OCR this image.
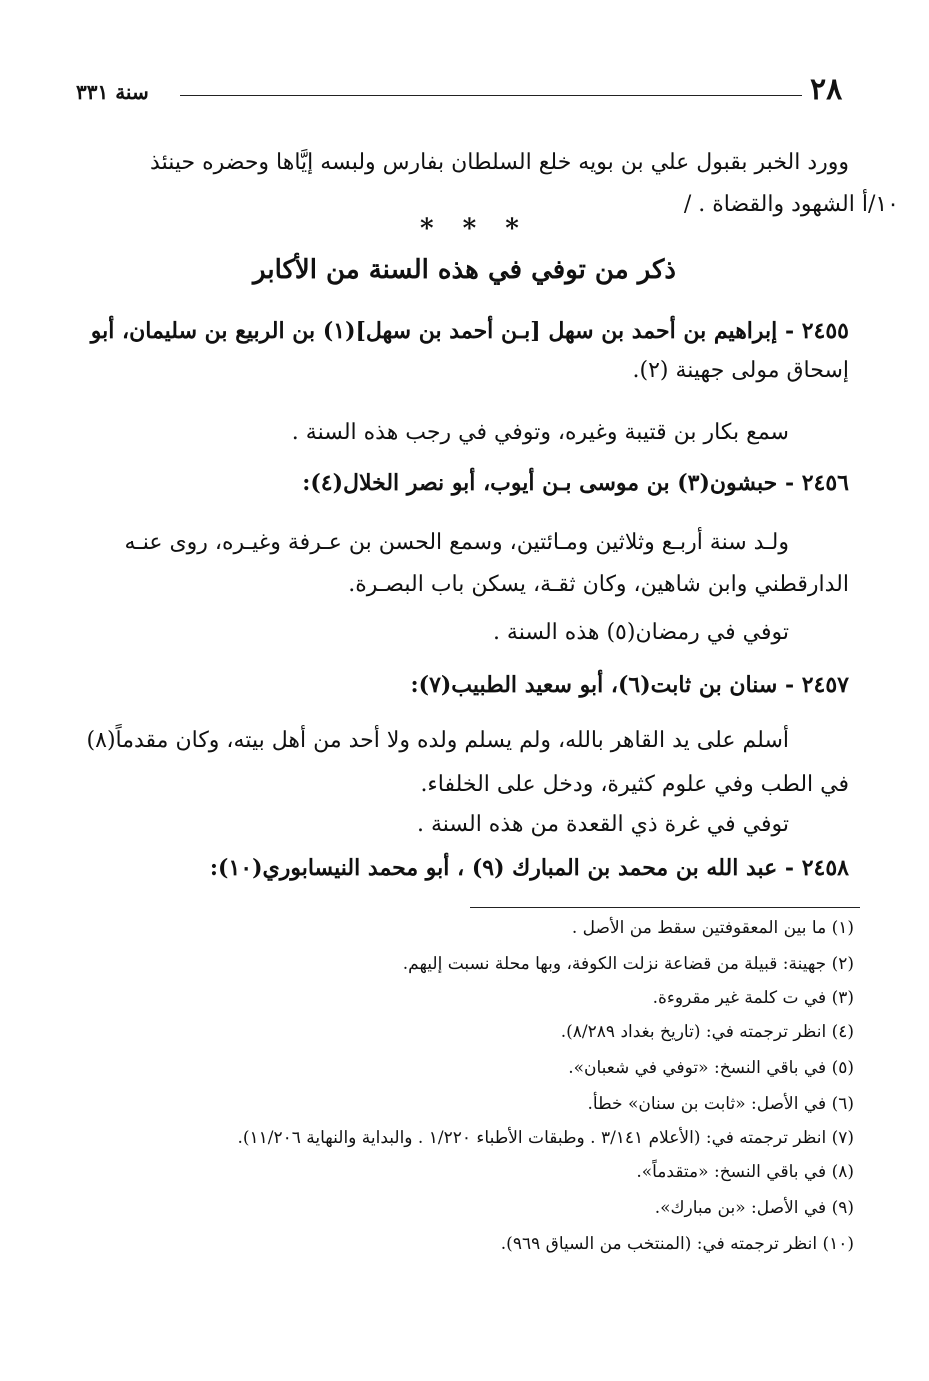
٢٨
سنة ٣٣١
وورد الخبر بقبول علي بن بويه خلع السلطان بفارس ولبسه إيَّاها وحضره حينئذ
١٠/أ الشهود والقضاة . /
* * *
ذكر من توفي في هذه السنة من الأكابر
٢٤٥٥ - إبراهيم بن أحمد بن سهل [بـن أحمد بن سهل](١) بن الربيع بن سليمان، أبو
إسحاق مولى جهينة (٢).
سمع بكار بن قتيبة وغيره، وتوفي في رجب هذه السنة .
٢٤٥٦ - حبشون(٣) بن موسى بـن أيوب، أبو نصر الخلال(٤):
ولـد سنة أربـع وثلاثين ومـائتين، وسمع الحسن بن عـرفة وغيـره، روى عنـه
الدارقطني وابن شاهين، وكان ثقـة، يسكن باب البصـرة.
توفي في رمضان(٥) هذه السنة .
٢٤٥٧ - سنان بن ثابت(٦)، أبو سعيد الطبيب(٧):
أسلم على يد القاهر بالله، ولم يسلم ولده ولا أحد من أهل بيته، وكان مقدماً(٨)
في الطب وفي علوم كثيرة، ودخل على الخلفاء.
توفي في غرة ذي القعدة من هذه السنة .
٢٤٥٨ - عبد الله بن محمد بن المبارك (٩) ، أبو محمد النيسابوري(١٠):
(١) ما بين المعقوفتين سقط من الأصل .
(٢) جهينة: قبيلة من قضاعة نزلت الكوفة، وبها محلة نسبت إليهم.
(٣) في ت كلمة غير مقروءة.
(٤) انظر ترجمته في: (تاريخ بغداد ٨/٢٨٩).
(٥) في باقي النسخ: «توفي في شعبان».
(٦) في الأصل: «ثابت بن سنان» خطأ.
(٧) انظر ترجمته في: (الأعلام ٣/١٤١ . وطبقات الأطباء ١/٢٢٠ . والبداية والنهاية ١١/٢٠٦).
(٨) في باقي النسخ: «متقدماً».
(٩) في الأصل: «بن مبارك».
(١٠) انظر ترجمته في: (المنتخب من السياق ٩٦٩).
